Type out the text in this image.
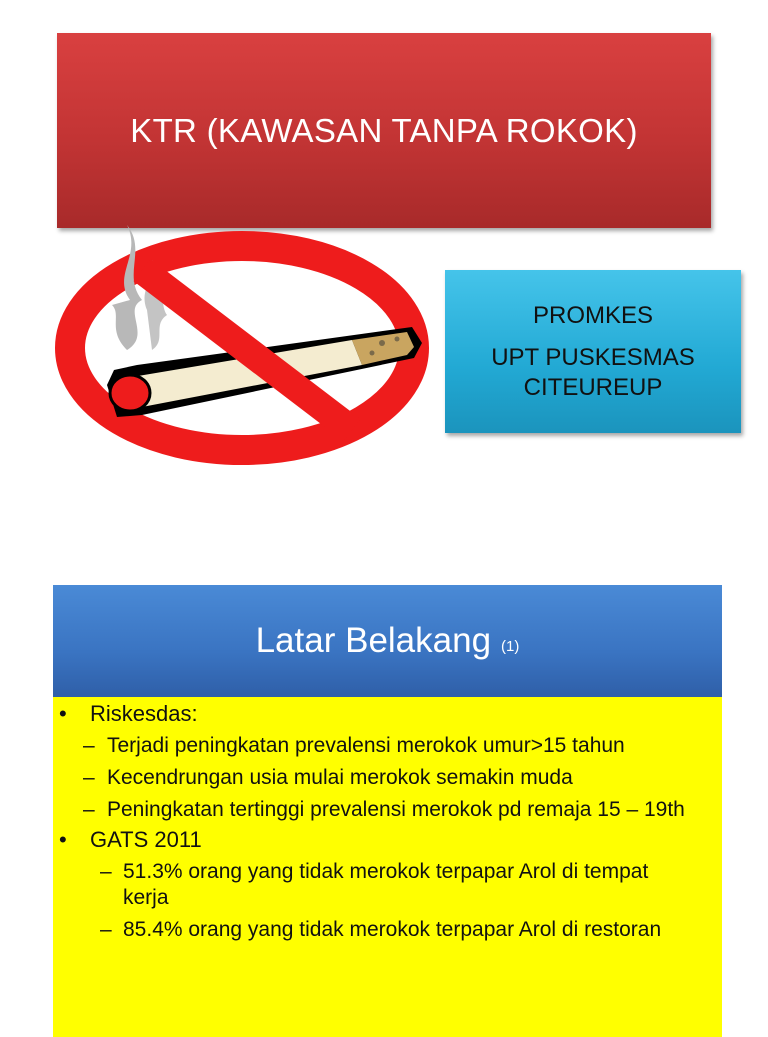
KTR (KAWASAN TANPA ROKOK)
PROMKES
UPT PUSKESMAS
CITEUREUP
Latar Belakang (1)
• Riskesdas:
– Terjadi peningkatan prevalensi merokok umur>15 tahun
– Kecendrungan usia mulai merokok semakin muda
– Peningkatan tertinggi prevalensi merokok pd remaja 15 – 19th
• GATS 2011
– 51.3% orang yang tidak merokok terpapar Arol di tempat kerja
– 85.4% orang yang tidak merokok terpapar Arol di restoran
